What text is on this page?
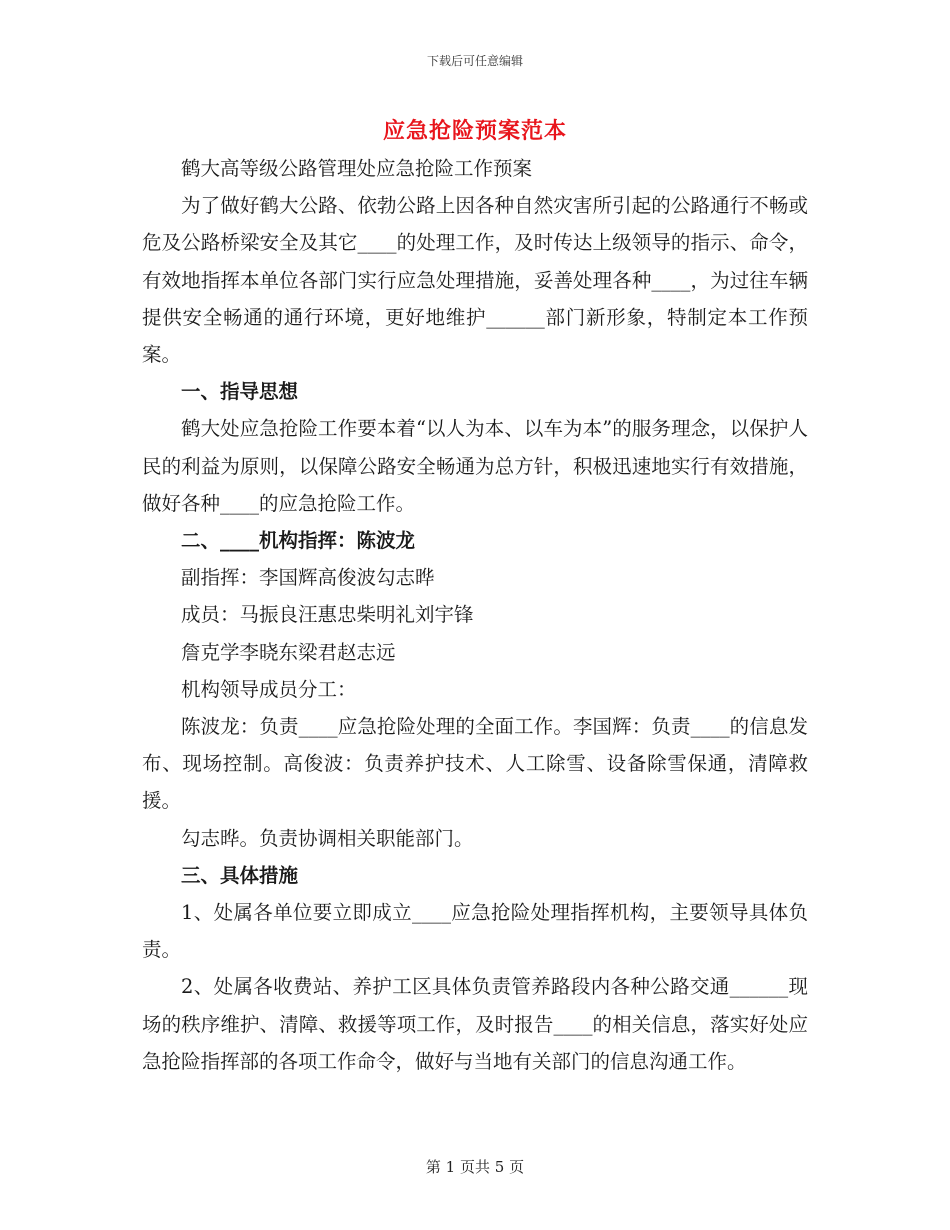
下载后可任意编辑
应急抢险预案范本

鹤大高等级公路管理处应急抢险工作预案

为了做好鹤大公路、依勃公路上因各种自然灾害所引起的公路通行不畅或危及公路桥梁安全及其它____的处理工作，及时传达上级领导的指示、命令，有效地指挥本单位各部门实行应急处理措施，妥善处理各种____，为过往车辆提供安全畅通的通行环境，更好地维护______部门新形象，特制定本工作预案。

一、指导思想

鹤大处应急抢险工作要本着“以人为本、以车为本”的服务理念，以保护人民的利益为原则，以保障公路安全畅通为总方针，积极迅速地实行有效措施，做好各种____的应急抢险工作。

二、____机构指挥：陈波龙

副指挥：李国辉高俊波勾志晔

成员：马振良汪惠忠柴明礼刘宇锋

詹克学李晓东梁君赵志远

机构领导成员分工：

陈波龙：负责____应急抢险处理的全面工作。李国辉：负责____的信息发布、现场控制。高俊波：负责养护技术、人工除雪、设备除雪保通，清障救援。

勾志晔。负责协调相关职能部门。

三、具体措施

1、处属各单位要立即成立____应急抢险处理指挥机构，主要领导具体负责。

2、处属各收费站、养护工区具体负责管养路段内各种公路交通______现场的秩序维护、清障、救援等项工作，及时报告____的相关信息，落实好处应急抢险指挥部的各项工作命令，做好与当地有关部门的信息沟通工作。

第 1 页共 5 页
